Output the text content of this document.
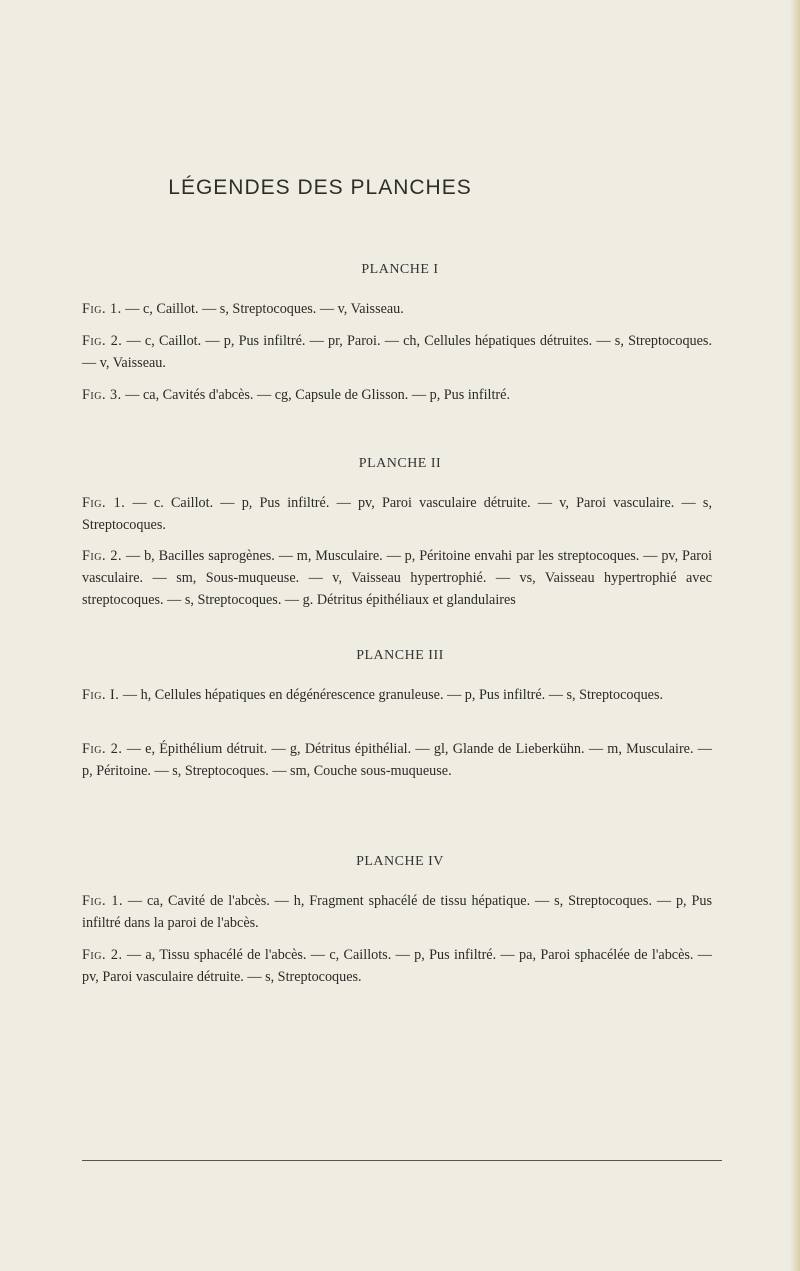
LÉGENDES DES PLANCHES
PLANCHE I
Fig. 1. — c, Caillot. — s, Streptocoques. — v, Vaisseau.
Fig. 2. — c, Caillot. — p, Pus infiltré. — pr, Paroi. — ch, Cellules hépatiques détruites. — s, Streptocoques. — v, Vaisseau.
Fig. 3. — ca, Cavités d'abcès. — cg, Capsule de Glisson. — p, Pus infiltré.
PLANCHE II
Fig. 1. — c. Caillot. — p, Pus infiltré. — pv, Paroi vasculaire détruite. — v, Paroi vasculaire. — s, Streptocoques.
Fig. 2. — b, Bacilles saprogènes. — m, Musculaire. — p, Péritoine envahi par les streptocoques. — pv, Paroi vasculaire. — sm, Sous-muqueuse. — v, Vaisseau hypertrophié. — vs, Vaisseau hypertrophié avec streptocoques. — s, Streptocoques. — g. Détritus épithéliaux et glandulaires
PLANCHE III
Fig. I. — h, Cellules hépatiques en dégénérescence granuleuse. — p, Pus infiltré. — s, Streptocoques.
Fig. 2. — e, Épithélium détruit. — g, Détritus épithélial. — gl, Glande de Lieberkühn. — m, Musculaire. — p, Péritoine. — s, Streptocoques. — sm, Couche sous-muqueuse.
PLANCHE IV
Fig. 1. — ca, Cavité de l'abcès. — h, Fragment sphacélé de tissu hépatique. — s, Streptocoques. — p, Pus infiltré dans la paroi de l'abcès.
Fig. 2. — a, Tissu sphacélé de l'abcès. — c, Caillots. — p, Pus infiltré. — pa, Paroi sphacélée de l'abcès. — pv, Paroi vasculaire détruite. — s, Streptocoques.
